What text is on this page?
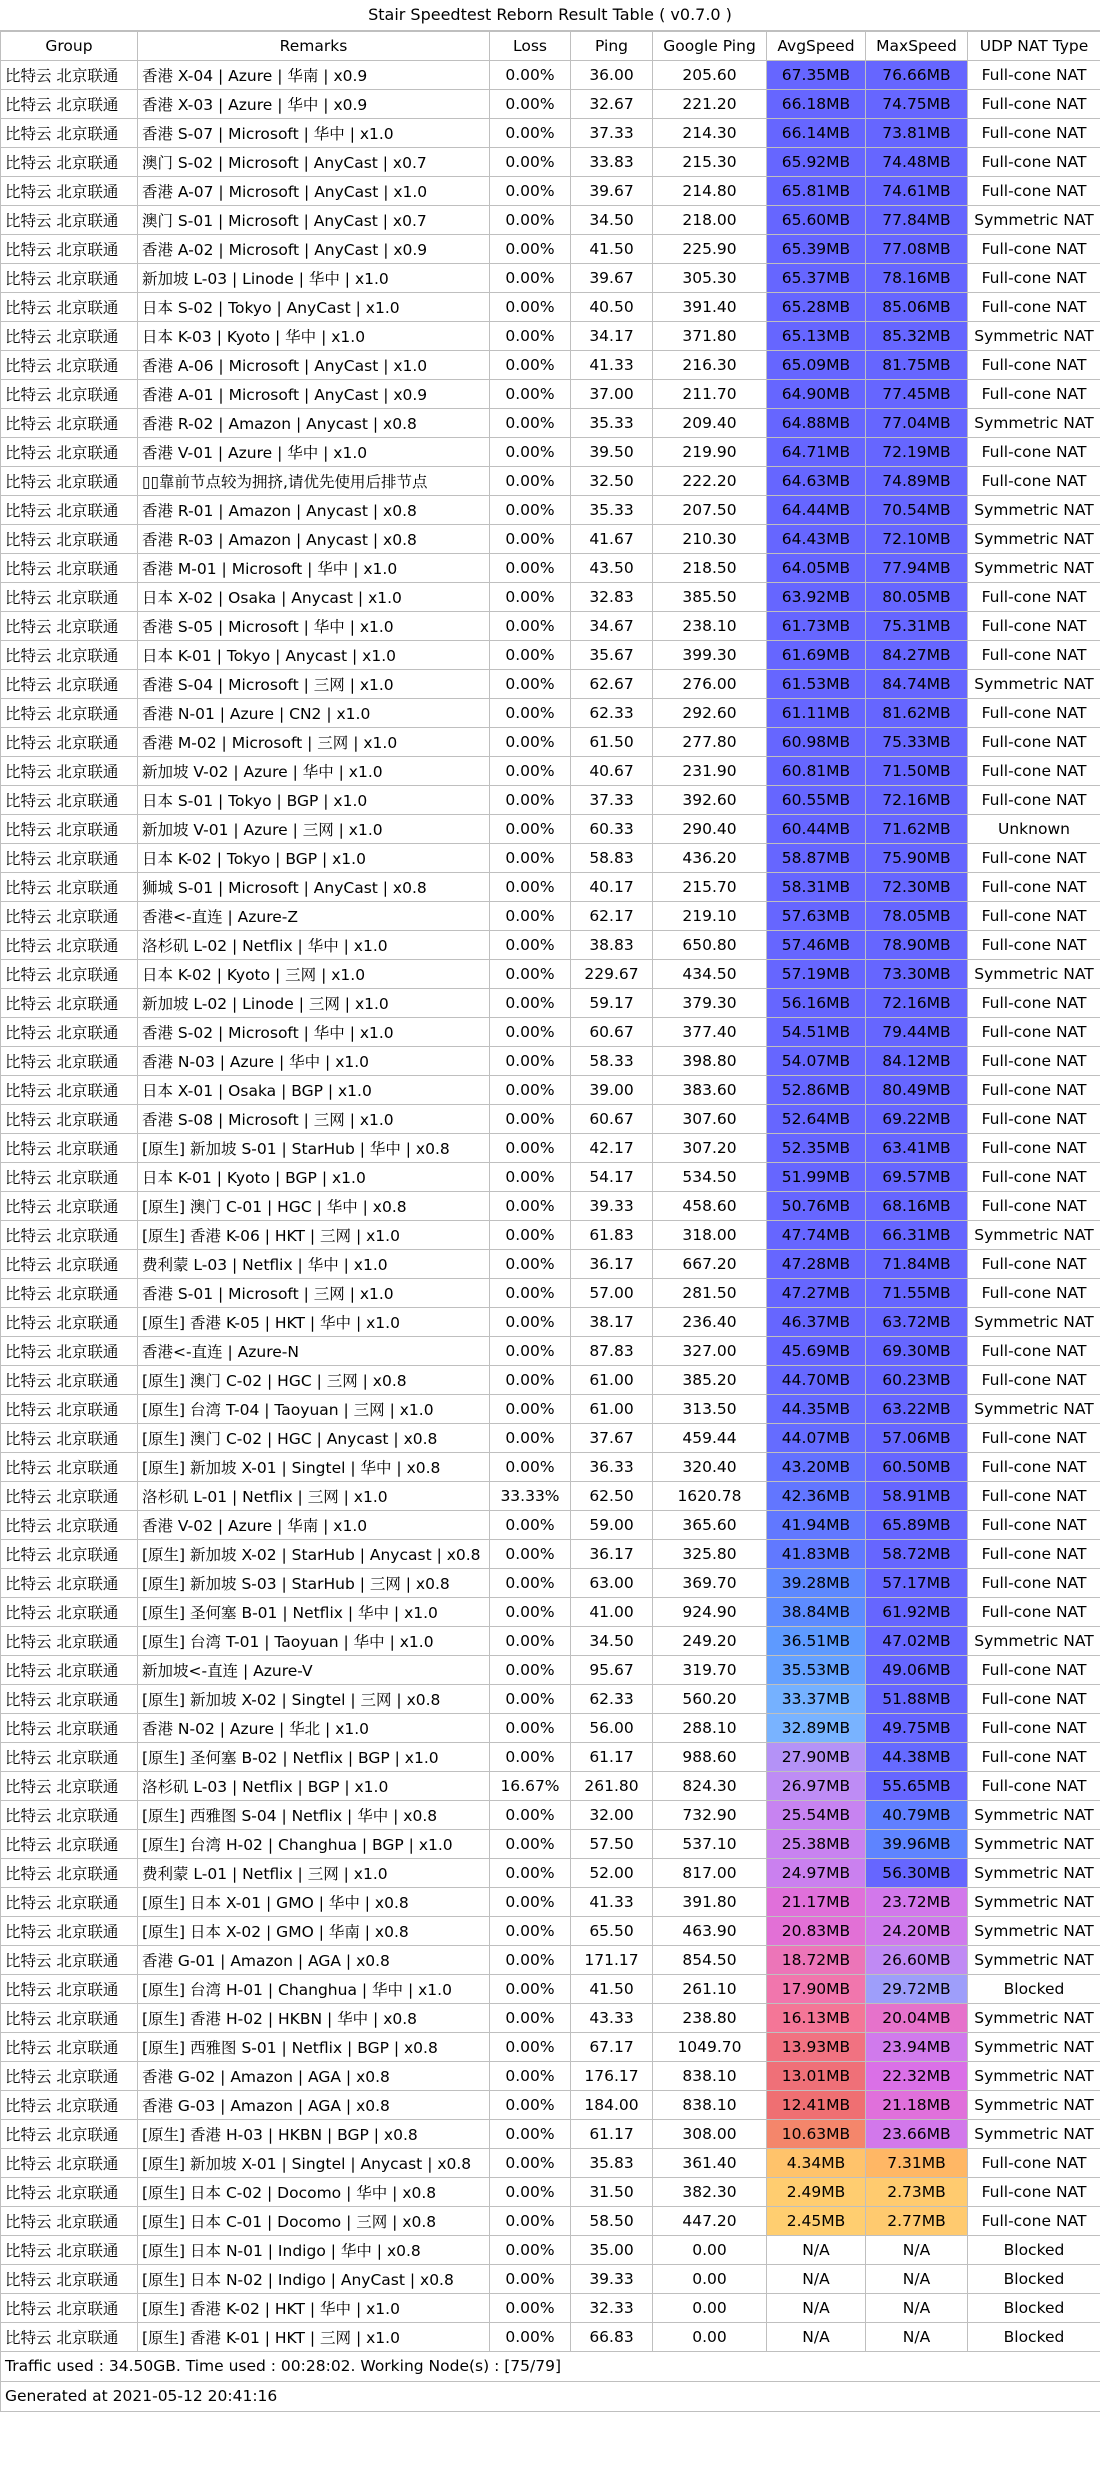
Stair Speedtest Reborn Result Table ( v0.7.0 )
Group	Remarks	Loss	Ping	Google Ping	AvgSpeed	MaxSpeed	UDP NAT Type
比特云 北京联通	香港 X-04 | Azure | 华南 | x0.9	0.00%	36.00	205.60	67.35MB	76.66MB	Full-cone NAT
比特云 北京联通	香港 X-03 | Azure | 华中 | x0.9	0.00%	32.67	221.20	66.18MB	74.75MB	Full-cone NAT
比特云 北京联通	香港 S-07 | Microsoft | 华中 | x1.0	0.00%	37.33	214.30	66.14MB	73.81MB	Full-cone NAT
比特云 北京联通	澳门 S-02 | Microsoft | AnyCast | x0.7	0.00%	33.83	215.30	65.92MB	74.48MB	Full-cone NAT
比特云 北京联通	香港 A-07 | Microsoft | AnyCast | x1.0	0.00%	39.67	214.80	65.81MB	74.61MB	Full-cone NAT
比特云 北京联通	澳门 S-01 | Microsoft | AnyCast | x0.7	0.00%	34.50	218.00	65.60MB	77.84MB	Symmetric NAT
比特云 北京联通	香港 A-02 | Microsoft | AnyCast | x0.9	0.00%	41.50	225.90	65.39MB	77.08MB	Full-cone NAT
比特云 北京联通	新加坡 L-03 | Linode | 华中 | x1.0	0.00%	39.67	305.30	65.37MB	78.16MB	Full-cone NAT
比特云 北京联通	日本 S-02 | Tokyo | AnyCast | x1.0	0.00%	40.50	391.40	65.28MB	85.06MB	Full-cone NAT
比特云 北京联通	日本 K-03 | Kyoto | 华中 | x1.0	0.00%	34.17	371.80	65.13MB	85.32MB	Symmetric NAT
比特云 北京联通	香港 A-06 | Microsoft | AnyCast | x1.0	0.00%	41.33	216.30	65.09MB	81.75MB	Full-cone NAT
比特云 北京联通	香港 A-01 | Microsoft | AnyCast | x0.9	0.00%	37.00	211.70	64.90MB	77.45MB	Full-cone NAT
比特云 北京联通	香港 R-02 | Amazon | Anycast | x0.8	0.00%	35.33	209.40	64.88MB	77.04MB	Symmetric NAT
比特云 北京联通	香港 V-01 | Azure | 华中 | x1.0	0.00%	39.50	219.90	64.71MB	72.19MB	Full-cone NAT
比特云 北京联通	▯▯靠前节点较为拥挤,请优先使用后排节点	0.00%	32.50	222.20	64.63MB	74.89MB	Full-cone NAT
比特云 北京联通	香港 R-01 | Amazon | Anycast | x0.8	0.00%	35.33	207.50	64.44MB	70.54MB	Symmetric NAT
比特云 北京联通	香港 R-03 | Amazon | Anycast | x0.8	0.00%	41.67	210.30	64.43MB	72.10MB	Symmetric NAT
比特云 北京联通	香港 M-01 | Microsoft | 华中 | x1.0	0.00%	43.50	218.50	64.05MB	77.94MB	Symmetric NAT
比特云 北京联通	日本 X-02 | Osaka | Anycast | x1.0	0.00%	32.83	385.50	63.92MB	80.05MB	Full-cone NAT
比特云 北京联通	香港 S-05 | Microsoft | 华中 | x1.0	0.00%	34.67	238.10	61.73MB	75.31MB	Full-cone NAT
比特云 北京联通	日本 K-01 | Tokyo | Anycast | x1.0	0.00%	35.67	399.30	61.69MB	84.27MB	Full-cone NAT
比特云 北京联通	香港 S-04 | Microsoft | 三网 | x1.0	0.00%	62.67	276.00	61.53MB	84.74MB	Symmetric NAT
比特云 北京联通	香港 N-01 | Azure | CN2 | x1.0	0.00%	62.33	292.60	61.11MB	81.62MB	Full-cone NAT
比特云 北京联通	香港 M-02 | Microsoft | 三网 | x1.0	0.00%	61.50	277.80	60.98MB	75.33MB	Full-cone NAT
比特云 北京联通	新加坡 V-02 | Azure | 华中 | x1.0	0.00%	40.67	231.90	60.81MB	71.50MB	Full-cone NAT
比特云 北京联通	日本 S-01 | Tokyo | BGP | x1.0	0.00%	37.33	392.60	60.55MB	72.16MB	Full-cone NAT
比特云 北京联通	新加坡 V-01 | Azure | 三网 | x1.0	0.00%	60.33	290.40	60.44MB	71.62MB	Unknown
比特云 北京联通	日本 K-02 | Tokyo | BGP | x1.0	0.00%	58.83	436.20	58.87MB	75.90MB	Full-cone NAT
比特云 北京联通	狮城 S-01 | Microsoft | AnyCast | x0.8	0.00%	40.17	215.70	58.31MB	72.30MB	Full-cone NAT
比特云 北京联通	香港<-直连 | Azure-Z	0.00%	62.17	219.10	57.63MB	78.05MB	Full-cone NAT
比特云 北京联通	洛杉矶 L-02 | Netflix | 华中 | x1.0	0.00%	38.83	650.80	57.46MB	78.90MB	Full-cone NAT
比特云 北京联通	日本 K-02 | Kyoto | 三网 | x1.0	0.00%	229.67	434.50	57.19MB	73.30MB	Symmetric NAT
比特云 北京联通	新加坡 L-02 | Linode | 三网 | x1.0	0.00%	59.17	379.30	56.16MB	72.16MB	Full-cone NAT
比特云 北京联通	香港 S-02 | Microsoft | 华中 | x1.0	0.00%	60.67	377.40	54.51MB	79.44MB	Full-cone NAT
比特云 北京联通	香港 N-03 | Azure | 华中 | x1.0	0.00%	58.33	398.80	54.07MB	84.12MB	Full-cone NAT
比特云 北京联通	日本 X-01 | Osaka | BGP | x1.0	0.00%	39.00	383.60	52.86MB	80.49MB	Full-cone NAT
比特云 北京联通	香港 S-08 | Microsoft | 三网 | x1.0	0.00%	60.67	307.60	52.64MB	69.22MB	Full-cone NAT
比特云 北京联通	[原生] 新加坡 S-01 | StarHub | 华中 | x0.8	0.00%	42.17	307.20	52.35MB	63.41MB	Full-cone NAT
比特云 北京联通	日本 K-01 | Kyoto | BGP | x1.0	0.00%	54.17	534.50	51.99MB	69.57MB	Full-cone NAT
比特云 北京联通	[原生] 澳门 C-01 | HGC | 华中 | x0.8	0.00%	39.33	458.60	50.76MB	68.16MB	Full-cone NAT
比特云 北京联通	[原生] 香港 K-06 | HKT | 三网 | x1.0	0.00%	61.83	318.00	47.74MB	66.31MB	Symmetric NAT
比特云 北京联通	费利蒙 L-03 | Netflix | 华中 | x1.0	0.00%	36.17	667.20	47.28MB	71.84MB	Full-cone NAT
比特云 北京联通	香港 S-01 | Microsoft | 三网 | x1.0	0.00%	57.00	281.50	47.27MB	71.55MB	Full-cone NAT
比特云 北京联通	[原生] 香港 K-05 | HKT | 华中 | x1.0	0.00%	38.17	236.40	46.37MB	63.72MB	Symmetric NAT
比特云 北京联通	香港<-直连 | Azure-N	0.00%	87.83	327.00	45.69MB	69.30MB	Full-cone NAT
比特云 北京联通	[原生] 澳门 C-02 | HGC | 三网 | x0.8	0.00%	61.00	385.20	44.70MB	60.23MB	Full-cone NAT
比特云 北京联通	[原生] 台湾 T-04 | Taoyuan | 三网 | x1.0	0.00%	61.00	313.50	44.35MB	63.22MB	Symmetric NAT
比特云 北京联通	[原生] 澳门 C-02 | HGC | Anycast | x0.8	0.00%	37.67	459.44	44.07MB	57.06MB	Full-cone NAT
比特云 北京联通	[原生] 新加坡 X-01 | Singtel | 华中 | x0.8	0.00%	36.33	320.40	43.20MB	60.50MB	Full-cone NAT
比特云 北京联通	洛杉矶 L-01 | Netflix | 三网 | x1.0	33.33%	62.50	1620.78	42.36MB	58.91MB	Full-cone NAT
比特云 北京联通	香港 V-02 | Azure | 华南 | x1.0	0.00%	59.00	365.60	41.94MB	65.89MB	Full-cone NAT
比特云 北京联通	[原生] 新加坡 X-02 | StarHub | Anycast | x0.8	0.00%	36.17	325.80	41.83MB	58.72MB	Full-cone NAT
比特云 北京联通	[原生] 新加坡 S-03 | StarHub | 三网 | x0.8	0.00%	63.00	369.70	39.28MB	57.17MB	Full-cone NAT
比特云 北京联通	[原生] 圣何塞 B-01 | Netflix | 华中 | x1.0	0.00%	41.00	924.90	38.84MB	61.92MB	Full-cone NAT
比特云 北京联通	[原生] 台湾 T-01 | Taoyuan | 华中 | x1.0	0.00%	34.50	249.20	36.51MB	47.02MB	Symmetric NAT
比特云 北京联通	新加坡<-直连 | Azure-V	0.00%	95.67	319.70	35.53MB	49.06MB	Full-cone NAT
比特云 北京联通	[原生] 新加坡 X-02 | Singtel | 三网 | x0.8	0.00%	62.33	560.20	33.37MB	51.88MB	Full-cone NAT
比特云 北京联通	香港 N-02 | Azure | 华北 | x1.0	0.00%	56.00	288.10	32.89MB	49.75MB	Full-cone NAT
比特云 北京联通	[原生] 圣何塞 B-02 | Netflix | BGP | x1.0	0.00%	61.17	988.60	27.90MB	44.38MB	Full-cone NAT
比特云 北京联通	洛杉矶 L-03 | Netflix | BGP | x1.0	16.67%	261.80	824.30	26.97MB	55.65MB	Full-cone NAT
比特云 北京联通	[原生] 西雅图 S-04 | Netflix | 华中 | x0.8	0.00%	32.00	732.90	25.54MB	40.79MB	Symmetric NAT
比特云 北京联通	[原生] 台湾 H-02 | Changhua | BGP | x1.0	0.00%	57.50	537.10	25.38MB	39.96MB	Symmetric NAT
比特云 北京联通	费利蒙 L-01 | Netflix | 三网 | x1.0	0.00%	52.00	817.00	24.97MB	56.30MB	Symmetric NAT
比特云 北京联通	[原生] 日本 X-01 | GMO | 华中 | x0.8	0.00%	41.33	391.80	21.17MB	23.72MB	Symmetric NAT
比特云 北京联通	[原生] 日本 X-02 | GMO | 华南 | x0.8	0.00%	65.50	463.90	20.83MB	24.20MB	Symmetric NAT
比特云 北京联通	香港 G-01 | Amazon | AGA | x0.8	0.00%	171.17	854.50	18.72MB	26.60MB	Symmetric NAT
比特云 北京联通	[原生] 台湾 H-01 | Changhua | 华中 | x1.0	0.00%	41.50	261.10	17.90MB	29.72MB	Blocked
比特云 北京联通	[原生] 香港 H-02 | HKBN | 华中 | x0.8	0.00%	43.33	238.80	16.13MB	20.04MB	Symmetric NAT
比特云 北京联通	[原生] 西雅图 S-01 | Netflix | BGP | x0.8	0.00%	67.17	1049.70	13.93MB	23.94MB	Symmetric NAT
比特云 北京联通	香港 G-02 | Amazon | AGA | x0.8	0.00%	176.17	838.10	13.01MB	22.32MB	Symmetric NAT
比特云 北京联通	香港 G-03 | Amazon | AGA | x0.8	0.00%	184.00	838.10	12.41MB	21.18MB	Symmetric NAT
比特云 北京联通	[原生] 香港 H-03 | HKBN | BGP | x0.8	0.00%	61.17	308.00	10.63MB	23.66MB	Symmetric NAT
比特云 北京联通	[原生] 新加坡 X-01 | Singtel | Anycast | x0.8	0.00%	35.83	361.40	4.34MB	7.31MB	Full-cone NAT
比特云 北京联通	[原生] 日本 C-02 | Docomo | 华中 | x0.8	0.00%	31.50	382.30	2.49MB	2.73MB	Full-cone NAT
比特云 北京联通	[原生] 日本 C-01 | Docomo | 三网 | x0.8	0.00%	58.50	447.20	2.45MB	2.77MB	Full-cone NAT
比特云 北京联通	[原生] 日本 N-01 | Indigo | 华中 | x0.8	0.00%	35.00	0.00	N/A	N/A	Blocked
比特云 北京联通	[原生] 日本 N-02 | Indigo | AnyCast | x0.8	0.00%	39.33	0.00	N/A	N/A	Blocked
比特云 北京联通	[原生] 香港 K-02 | HKT | 华中 | x1.0	0.00%	32.33	0.00	N/A	N/A	Blocked
比特云 北京联通	[原生] 香港 K-01 | HKT | 三网 | x1.0	0.00%	66.83	0.00	N/A	N/A	Blocked
Traffic used : 34.50GB. Time used : 00:28:02. Working Node(s) : [75/79]
Generated at 2021-05-12 20:41:16
